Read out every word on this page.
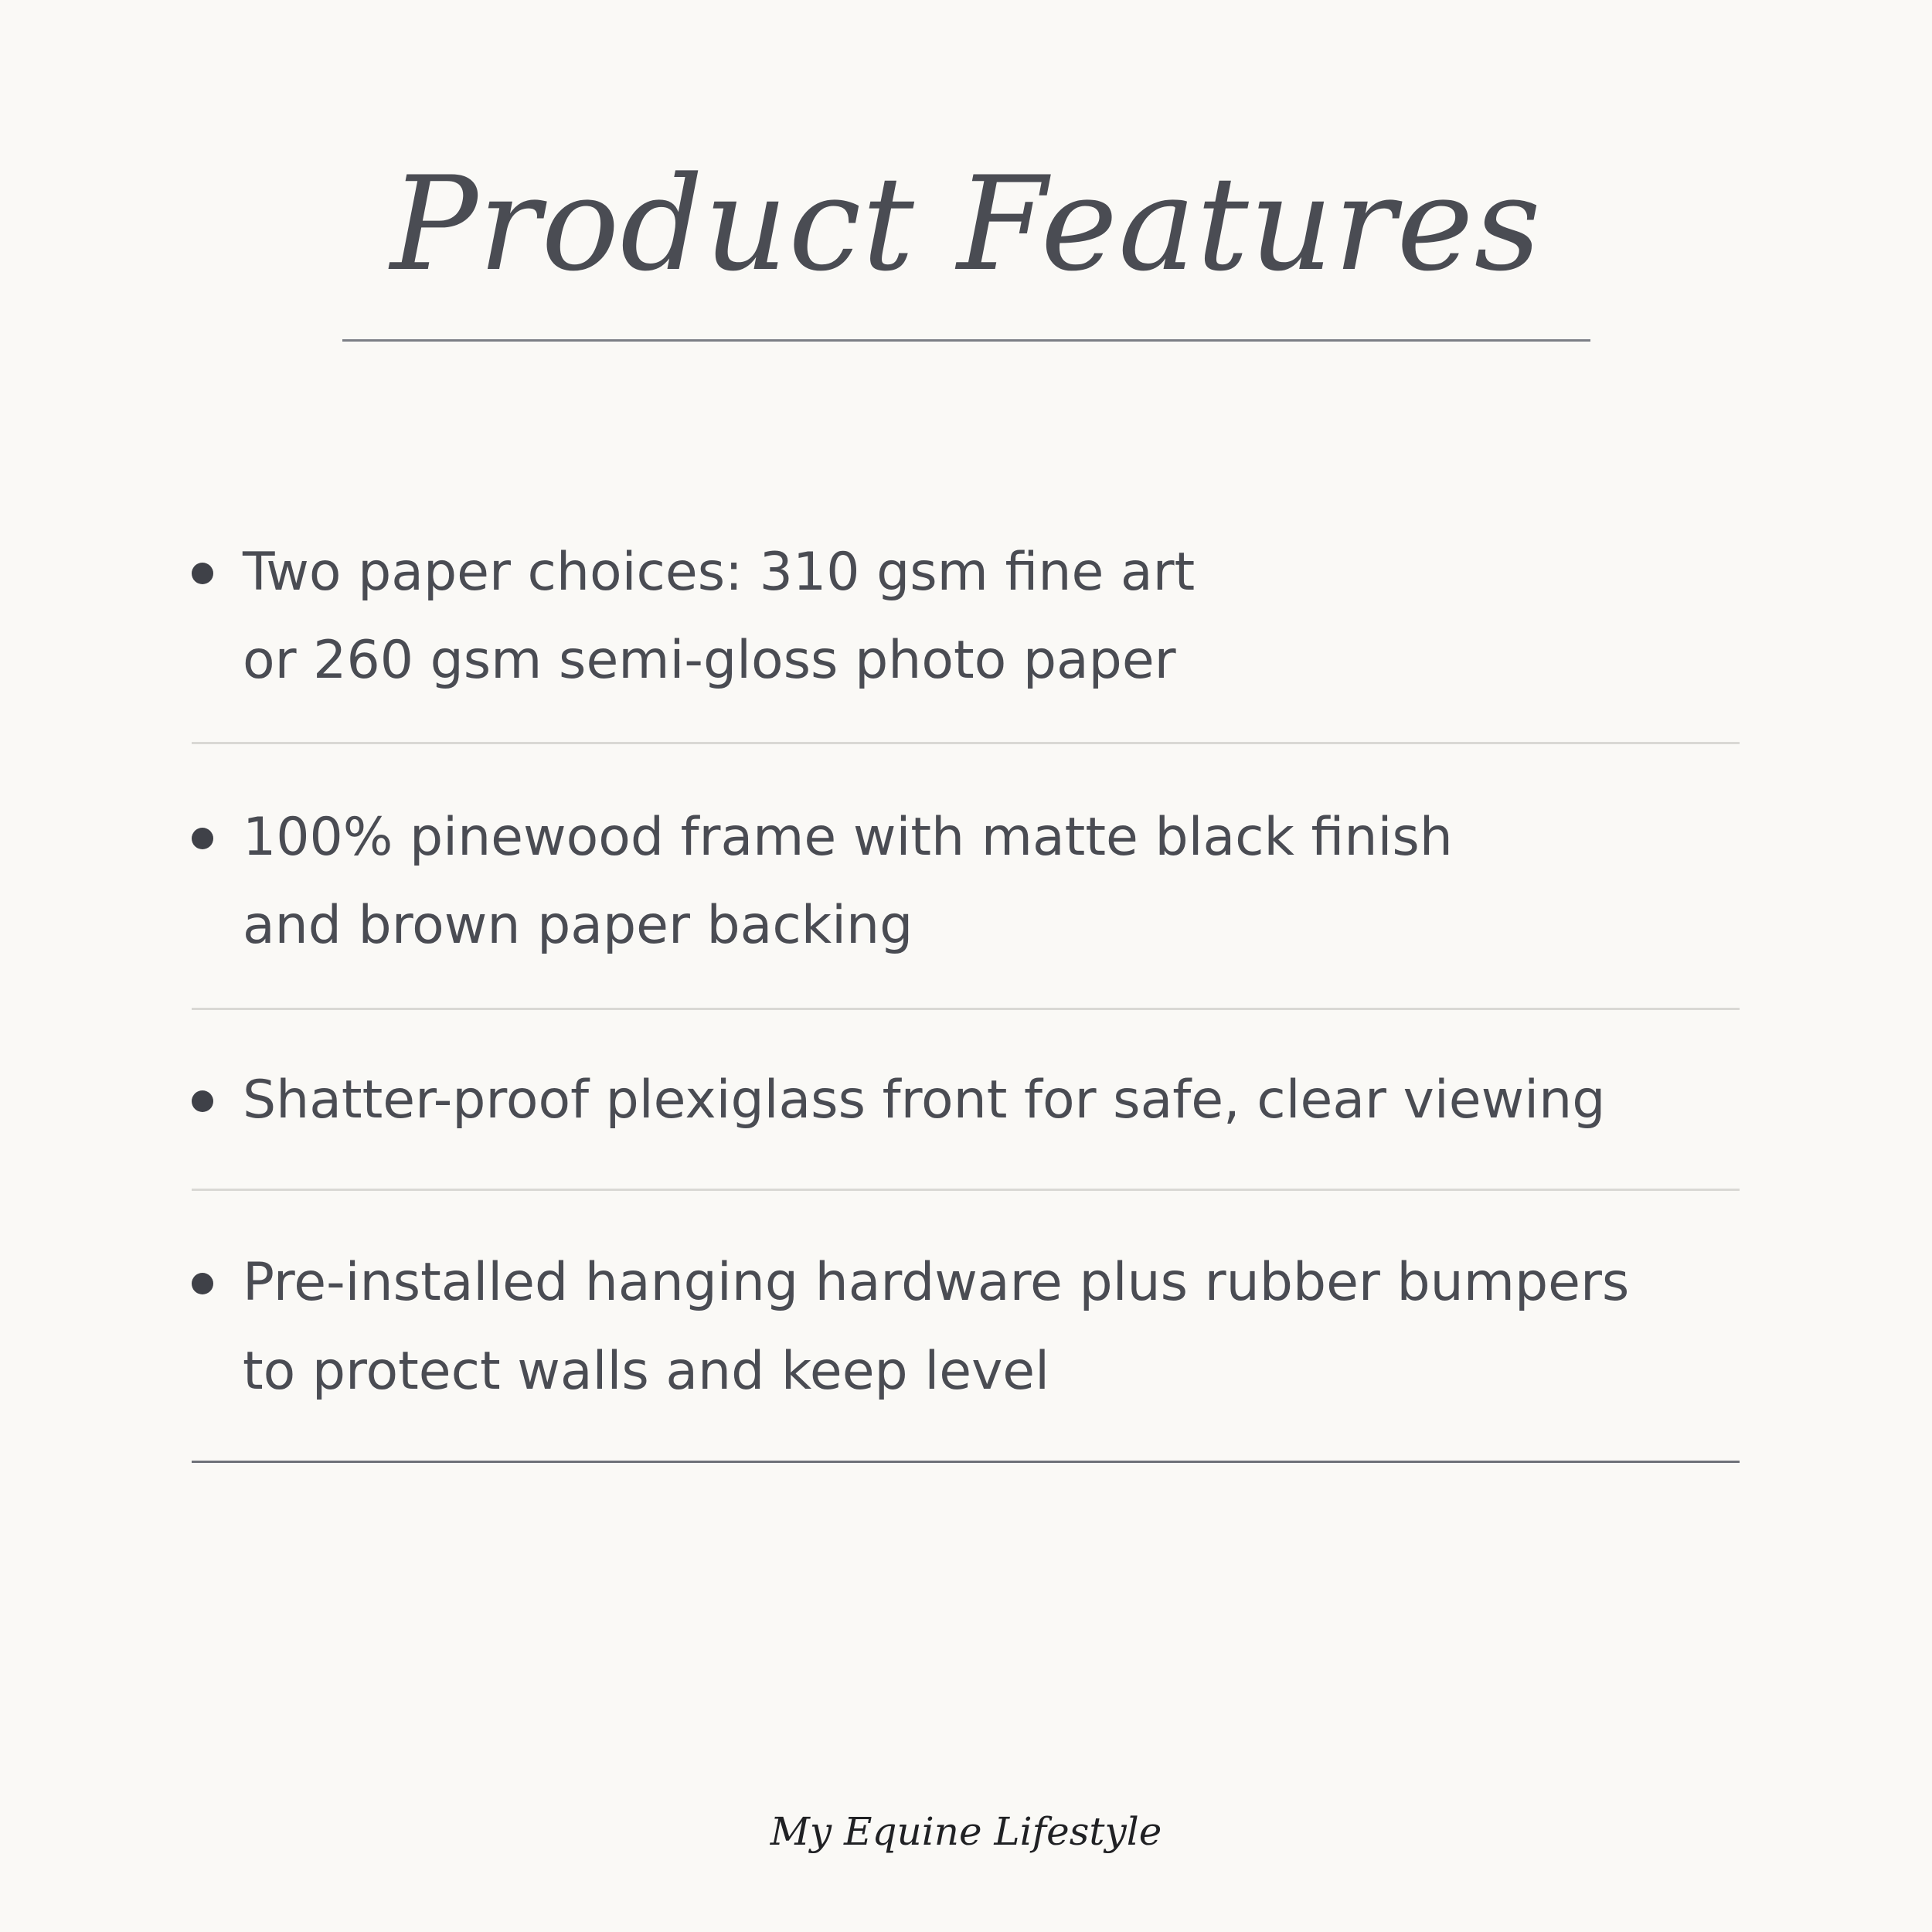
Product Features
Two paper choices: 310 gsm fine art
or 260 gsm semi-gloss photo paper
100% pinewood frame with matte black finish
and brown paper backing
Shatter-proof plexiglass front for safe, clear viewing
Pre-installed hanging hardware plus rubber bumpers
to protect walls and keep level
My Equine Lifestyle
